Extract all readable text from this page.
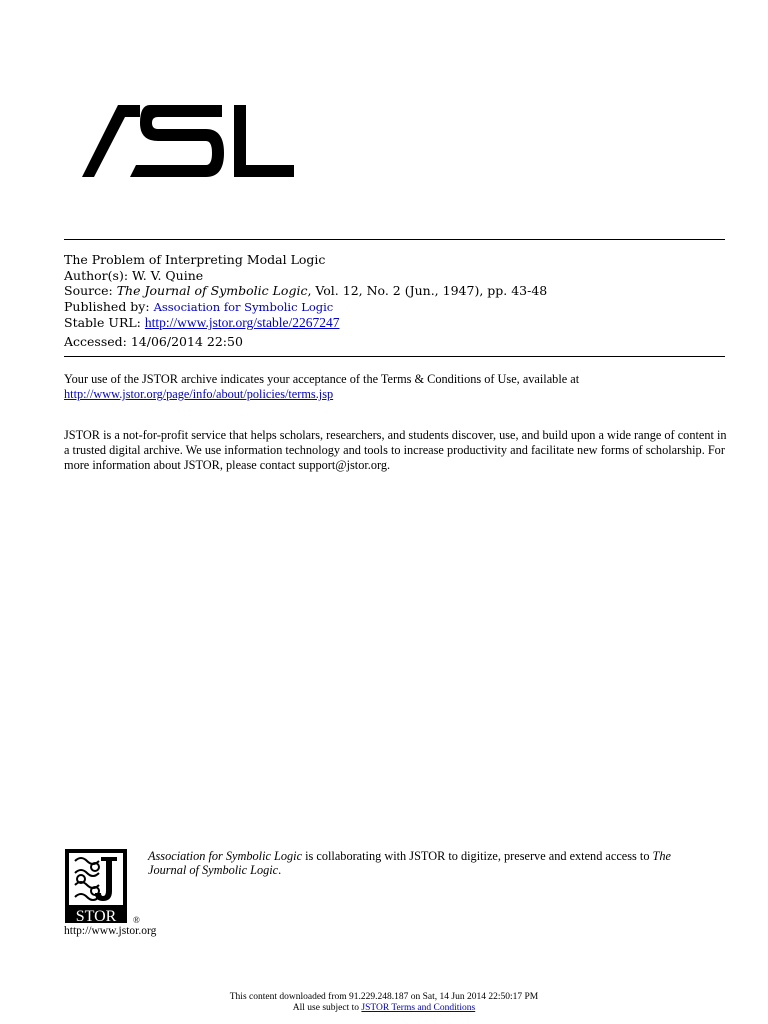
ASL
The Problem of Interpreting Modal Logic
Author(s): W. V. Quine
Source: The Journal of Symbolic Logic, Vol. 12, No. 2 (Jun., 1947), pp. 43-48
Published by: Association for Symbolic Logic
Stable URL: http://www.jstor.org/stable/2267247
Accessed: 14/06/2014 22:50
Your use of the JSTOR archive indicates your acceptance of the Terms & Conditions of Use, available at
http://www.jstor.org/page/info/about/policies/terms.jsp
JSTOR is a not-for-profit service that helps scholars, researchers, and students discover, use, and build upon a wide range of content in a trusted digital archive. We use information technology and tools to increase productivity and facilitate new forms of scholarship. For more information about JSTOR, please contact support@jstor.org.
STOR ®
Association for Symbolic Logic is collaborating with JSTOR to digitize, preserve and extend access to The Journal of Symbolic Logic.
http://www.jstor.org
This content downloaded from 91.229.248.187 on Sat, 14 Jun 2014 22:50:17 PM
All use subject to JSTOR Terms and Conditions
